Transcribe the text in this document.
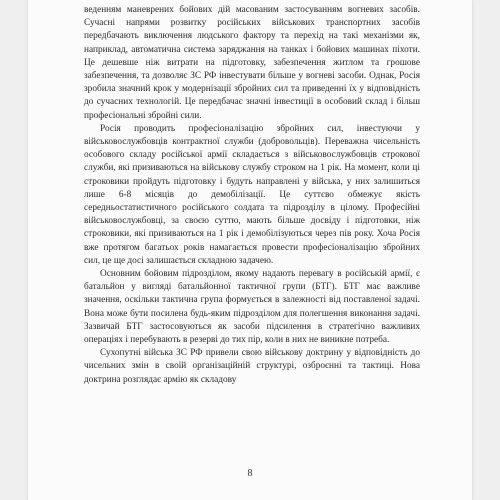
веденням маневрених бойових дій масованим застосуванням вогневих засобів. Сучасні напрями розвитку російських військових транспортних засобів передбачають виключення людського фактору та перехід на такі механізми як, наприклад, автоматична система заряджання на танках і бойових машинах піхоти. Це дешевше ніж витрати на підготовку, забезпечення житлом та грошове забезпечення, та дозволяє ЗС РФ інвестувати більше у вогневі засоби. Однак, Росія зробила значний крок у модернізації збройних сил та приведенні їх у відповідність до сучасних технологій. Це передбачає значні інвестиції в особовий склад і більш професіональні збройні сили.

Росія проводить професіоналізацію збройних сил, інвестуючи у військовослужбовців контрактної служби (добровольців). Переважна чисельність особового складу російської армії складається з військовослужбовців строкової служби, які призиваються на військову службу строком на 1 рік. На момент, коли ці строковики пройдуть підготовку і будуть направлені у війська, у них залишиться лише 6-8 місяців до демобілізації. Це суттєво обмежує якість середньостатистичного російського солдата та підрозділу в цілому. Професійні військовослужбовці, за своєю суттю, мають більше досвіду і підготовки, ніж строковики, які призиваються на 1 рік і демобілізуються через пів року. Хоча Росія вже протягом багатьох років намагається провести професіоналізацію збройних сил, це ще досі залишається складною задачею.

Основним бойовим підрозділом, якому надають перевагу в російській армії, є батальйон у вигляді батальйонної тактичної групи (БТГ). БТГ має важливе значення, оскільки тактична група формується в залежності від поставленої задачі. Вона може бути посилена будь-яким підрозділом для полегшення виконання задачі. Зазвичай БТГ застосовуються як засоби підсилення в стратегічно важливих операціях і перебувають в резерві до тих пір, коли в них не виникне потреба.

Сухопутні війська ЗС РФ привели свою військову доктрину у відповідність до чисельних змін в своїй організаційній структурі, озброєнні та тактиці. Нова доктрина розглядає армію як складову

8
